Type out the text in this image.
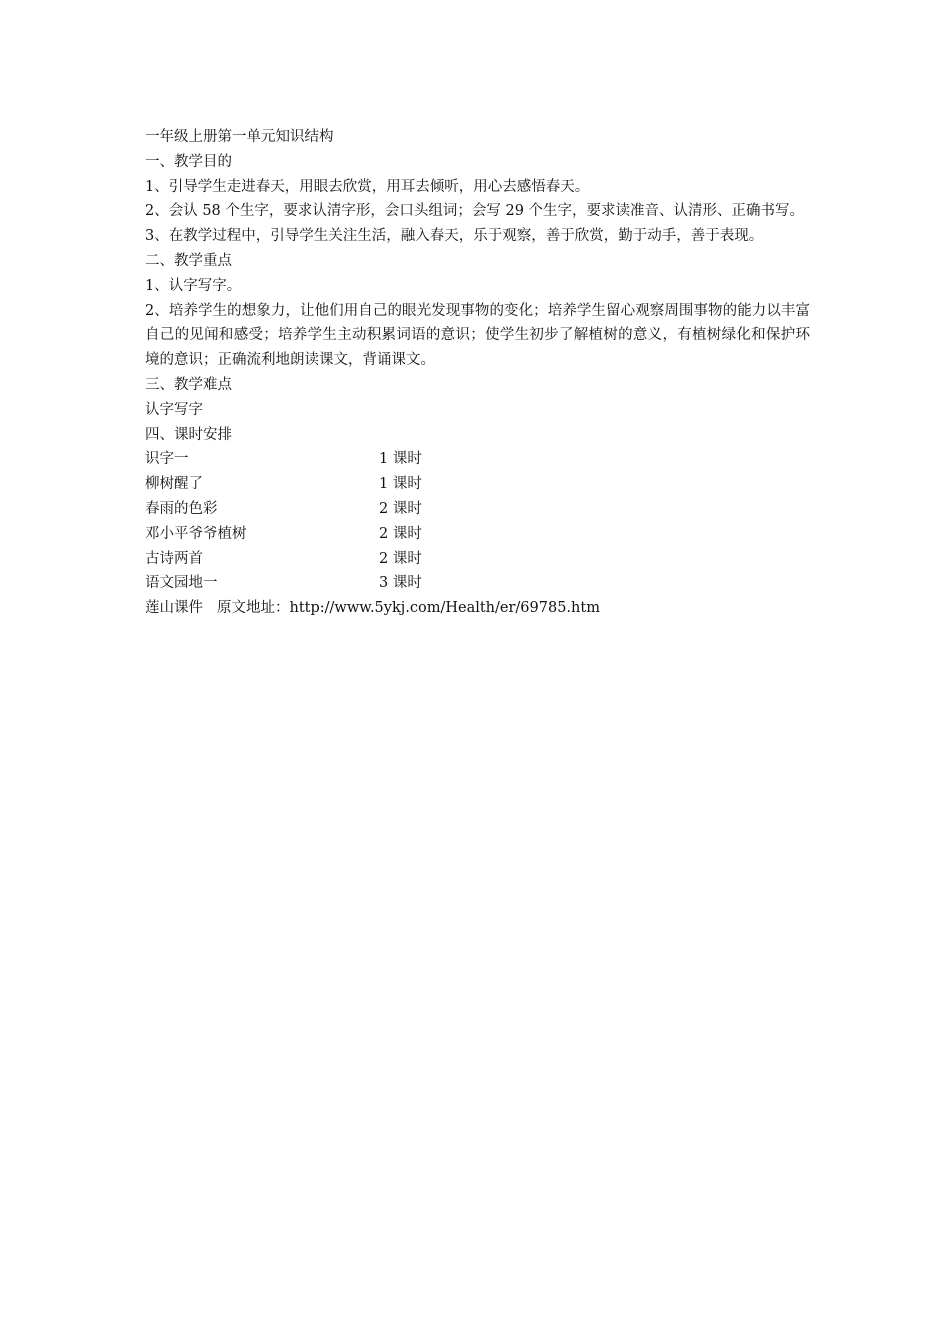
一年级上册第一单元知识结构

一、教学目的

1、引导学生走进春天，用眼去欣赏，用耳去倾听，用心去感悟春天。

2、会认 58 个生字，要求认清字形，会口头组词；会写 29 个生字，要求读准音、认清形、正确书写。

3、在教学过程中，引导学生关注生活，融入春天，乐于观察，善于欣赏，勤于动手，善于表现。

二、教学重点

1、认字写字。

2、培养学生的想象力，让他们用自己的眼光发现事物的变化；培养学生留心观察周围事物的能力以丰富自己的见闻和感受；培养学生主动积累词语的意识；使学生初步了解植树的意义，有植树绿化和保护环境的意识；正确流利地朗读课文，背诵课文。

三、教学难点

认字写字

四、课时安排

识字一	1 课时
柳树醒了	1 课时
春雨的色彩	2 课时
邓小平爷爷植树	2 课时
古诗两首	2 课时
语文园地一	3 课时

莲山课件 原文地址：http://www.5ykj.com/Health/er/69785.htm
